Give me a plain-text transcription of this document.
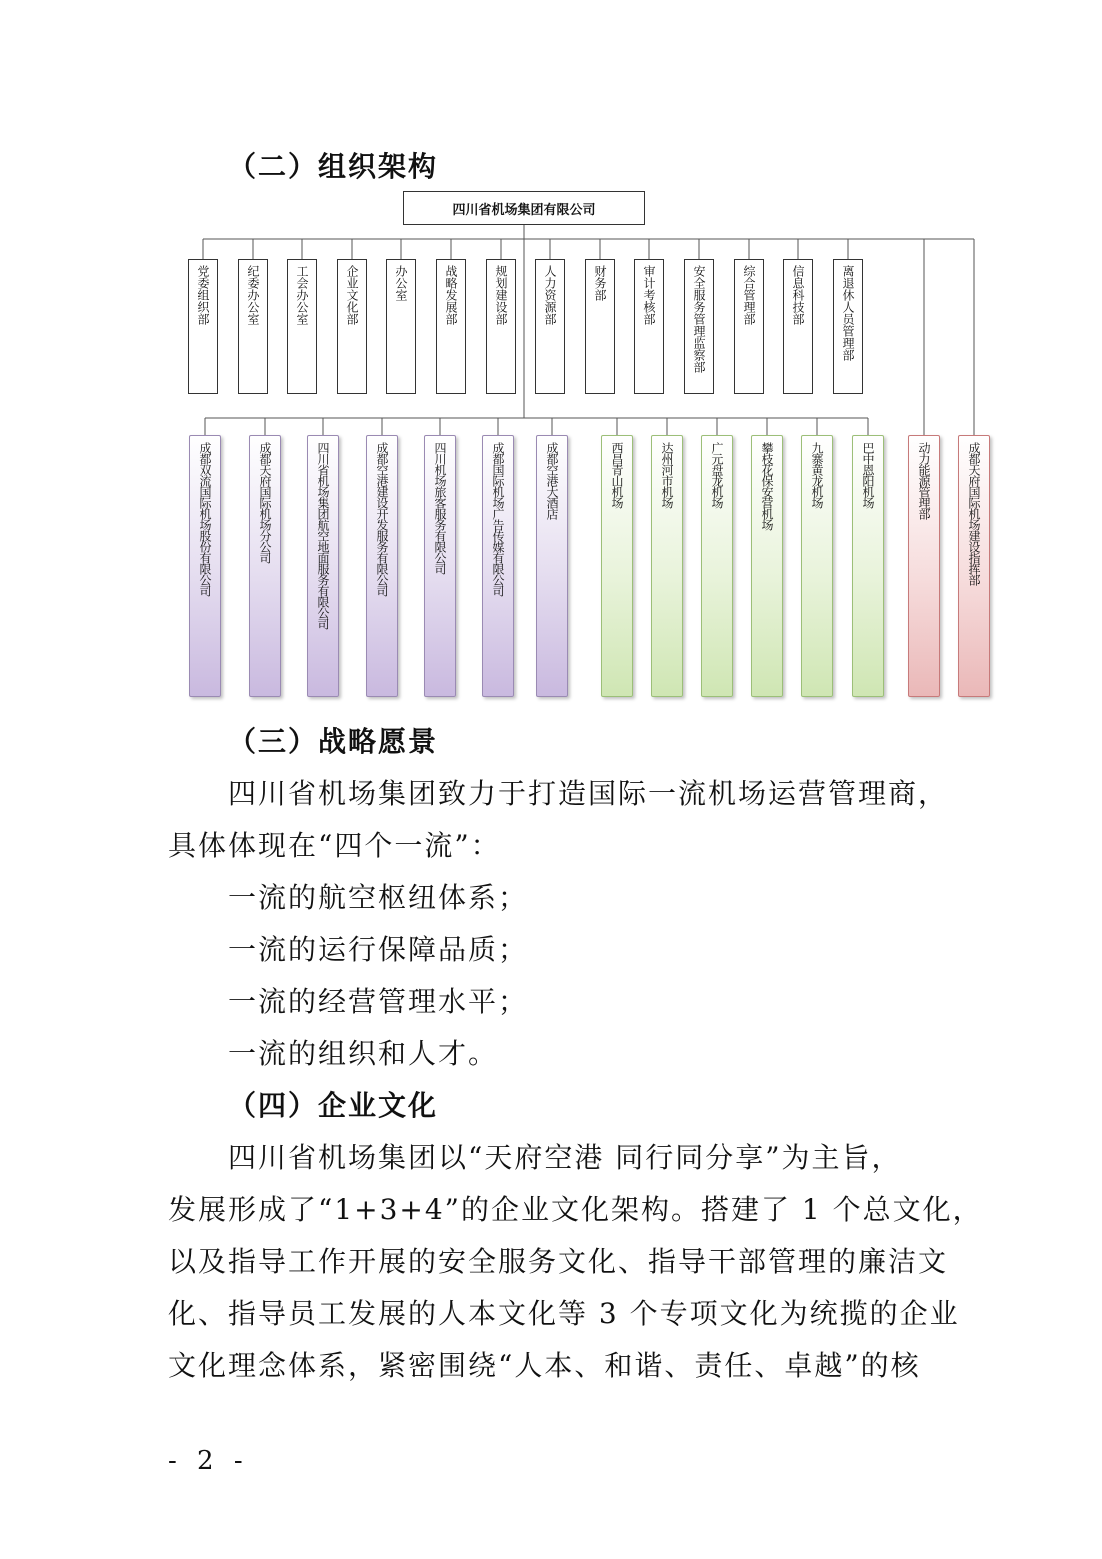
（二）组织架构
四川省机场集团有限公司
党委组织部	纪委办公室	工会办公室	企业文化部	办公室	战略发展部	规划建设部	人力资源部	财务部	审计考核部	安全服务管理监察部	综合管理部	信息科技部	离退休人员管理部
成都双流国际机场股份有限公司	成都天府国际机场分公司	四川省机场集团航空地面服务有限公司	成都空港建设开发服务有限公司	四川机场旅客服务有限公司	成都国际机场广告传媒有限公司	成都空港大酒店	西昌青山机场	达州河市机场	广元盘龙机场	攀枝花保安营机场	九寨黄龙机场	巴中恩阳机场	动力能源管理部	成都天府国际机场建设指挥部
（三）战略愿景
四川省机场集团致力于打造国际一流机场运营管理商，
具体体现在“四个一流”：
一流的航空枢纽体系；
一流的运行保障品质；
一流的经营管理水平；
一流的组织和人才。
（四）企业文化
四川省机场集团以“天府空港 同行同分享”为主旨，
发展形成了“1+3+4”的企业文化架构。搭建了 1 个总文化，
以及指导工作开展的安全服务文化、指导干部管理的廉洁文
化、指导员工发展的人本文化等 3 个专项文化为统揽的企业
文化理念体系，紧密围绕“人本、和谐、责任、卓越”的核
- 2 -
